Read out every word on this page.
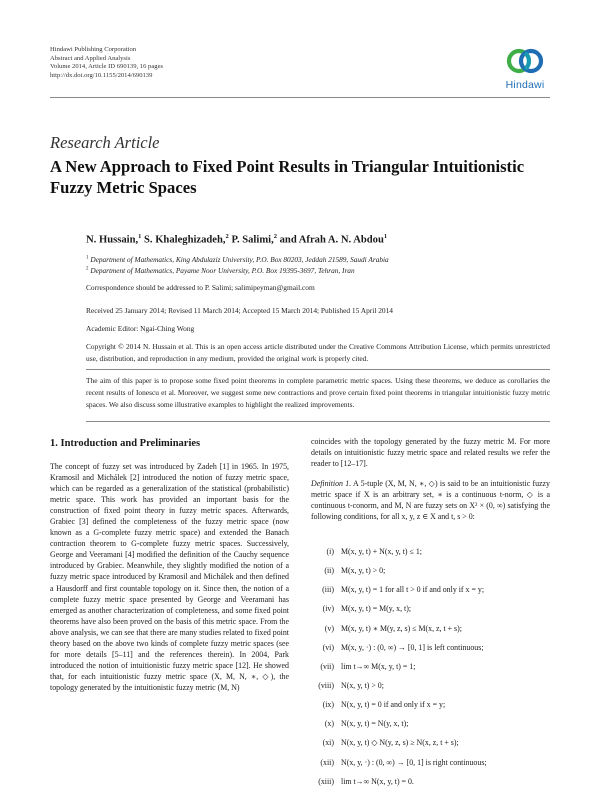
Hindawi Publishing Corporation
Abstract and Applied Analysis
Volume 2014, Article ID 690139, 16 pages
http://dx.doi.org/10.1155/2014/690139
Hindawi
Research Article
A New Approach to Fixed Point Results in Triangular Intuitionistic Fuzzy Metric Spaces
N. Hussain,$^1$ S. Khaleghizadeh,$^2$ P. Salimi,$^2$ and Afrah A. N. Abdou$^1$
$^1$ Department of Mathematics, King Abdulaziz University, P.O. Box 80203, Jeddah 21589, Saudi Arabia
$^2$ Department of Mathematics, Payame Noor University, P.O. Box 19395-3697, Tehran, Iran
Correspondence should be addressed to P. Salimi; salimipeyman@gmail.com
Received 25 January 2014; Revised 11 March 2014; Accepted 15 March 2014; Published 15 April 2014
Academic Editor: Ngai-Ching Wong
Copyright © 2014 N. Hussain et al. This is an open access article distributed under the Creative Commons Attribution License, which permits unrestricted use, distribution, and reproduction in any medium, provided the original work is properly cited.
The aim of this paper is to propose some fixed point theorems in complete parametric metric spaces. Using these theorems, we deduce as corollaries the recent results of Ionescu et al. Moreover, we suggest some new contractions and prove certain fixed point theorems in triangular intuitionistic fuzzy metric spaces. We also discuss some illustrative examples to highlight the realized improvements.
1. Introduction and Preliminaries

The concept of fuzzy set was introduced by Zadeh [1] in 1965. In 1975, Kramosil and Michálek [2] introduced the notion of fuzzy metric space, which can be regarded as a generalization of the statistical (probabilistic) metric space. This work has provided an important basis for the construction of fixed point theory in fuzzy metric spaces. Afterwards, Grabiec [3] defined the completeness of the fuzzy metric space (now known as a G-complete fuzzy metric space) and extended the Banach contraction theorem to G-complete fuzzy metric spaces. Successively, George and Veeramani [4] modified the definition of the Cauchy sequence introduced by Grabiec. Meanwhile, they slightly modified the notion of a fuzzy metric space introduced by Kramosil and Michálek and then defined a Hausdorff and first countable topology on it. Since then, the notion of a complete fuzzy metric space presented by George and Veeramani has emerged as another characterization of completeness, and some fixed point theorems have also been proved on the basis of this metric space. From the above analysis, we can see that there are many studies related to fixed point theory based on the above two kinds of complete fuzzy metric spaces (see for more details [5–11] and the references therein). In 2004, Park introduced the notion of intuitionistic fuzzy metric space [12]. He showed that, for each intuitionistic fuzzy metric space (X, M, N, ∗, ◇), the topology generated by the intuitionistic fuzzy metric (M, N)

coincides with the topology generated by the fuzzy metric M. For more details on intuitionistic fuzzy metric space and related results we refer the reader to [12–17].

Definition 1. A 5-tuple (X, M, N, ∗, ◇) is said to be an intuitionistic fuzzy metric space if X is an arbitrary set, ∗ is a continuous t-norm, ◇ is a continuous t-conorm, and M, N are fuzzy sets on X² × (0, ∞) satisfying the following conditions, for all x, y, z ∈ X and t, s > 0:

(i) M(x, y, t) + N(x, y, t) ≤ 1;
(ii) M(x, y, t) > 0;
(iii) M(x, y, t) = 1 for all t > 0 if and only if x = y;
(iv) M(x, y, t) = M(y, x, t);
(v) M(x, y, t) ∗ M(y, z, s) ≤ M(x, z, t + s);
(vi) M(x, y, ·) : (0, ∞) → [0, 1] is left continuous;
(vii) lim t→∞ M(x, y, t) = 1;
(viii) N(x, y, t) > 0;
(ix) N(x, y, t) = 0 if and only if x = y;
(x) N(x, y, t) = N(y, x, t);
(xi) N(x, y, t) ◇ N(y, z, s) ≥ N(x, z, t + s);
(xii) N(x, y, ·) : (0, ∞) → [0, 1] is right continuous;
(xiii) lim t→∞ N(x, y, t) = 0.
